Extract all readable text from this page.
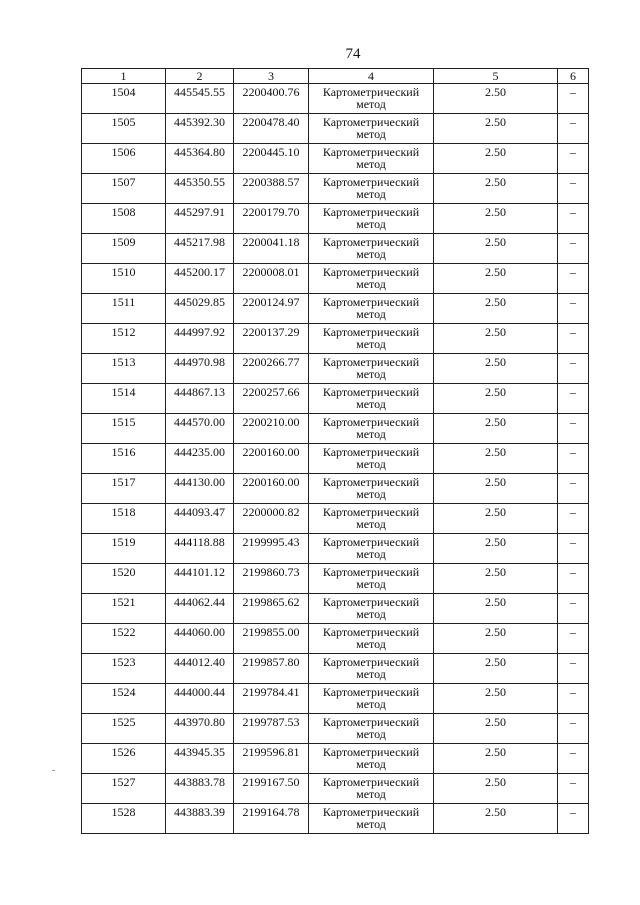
74
1	2	3	4	5	6
1504	445545.55	2200400.76	Картометрический метод	2.50	–
1505	445392.30	2200478.40	Картометрический метод	2.50	–
1506	445364.80	2200445.10	Картометрический метод	2.50	–
1507	445350.55	2200388.57	Картометрический метод	2.50	–
1508	445297.91	2200179.70	Картометрический метод	2.50	–
1509	445217.98	2200041.18	Картометрический метод	2.50	–
1510	445200.17	2200008.01	Картометрический метод	2.50	–
1511	445029.85	2200124.97	Картометрический метод	2.50	–
1512	444997.92	2200137.29	Картометрический метод	2.50	–
1513	444970.98	2200266.77	Картометрический метод	2.50	–
1514	444867.13	2200257.66	Картометрический метод	2.50	–
1515	444570.00	2200210.00	Картометрический метод	2.50	–
1516	444235.00	2200160.00	Картометрический метод	2.50	–
1517	444130.00	2200160.00	Картометрический метод	2.50	–
1518	444093.47	2200000.82	Картометрический метод	2.50	–
1519	444118.88	2199995.43	Картометрический метод	2.50	–
1520	444101.12	2199860.73	Картометрический метод	2.50	–
1521	444062.44	2199865.62	Картометрический метод	2.50	–
1522	444060.00	2199855.00	Картометрический метод	2.50	–
1523	444012.40	2199857.80	Картометрический метод	2.50	–
1524	444000.44	2199784.41	Картометрический метод	2.50	–
1525	443970.80	2199787.53	Картометрический метод	2.50	–
1526	443945.35	2199596.81	Картометрический метод	2.50	–
1527	443883.78	2199167.50	Картометрический метод	2.50	–
1528	443883.39	2199164.78	Картометрический метод	2.50	–
